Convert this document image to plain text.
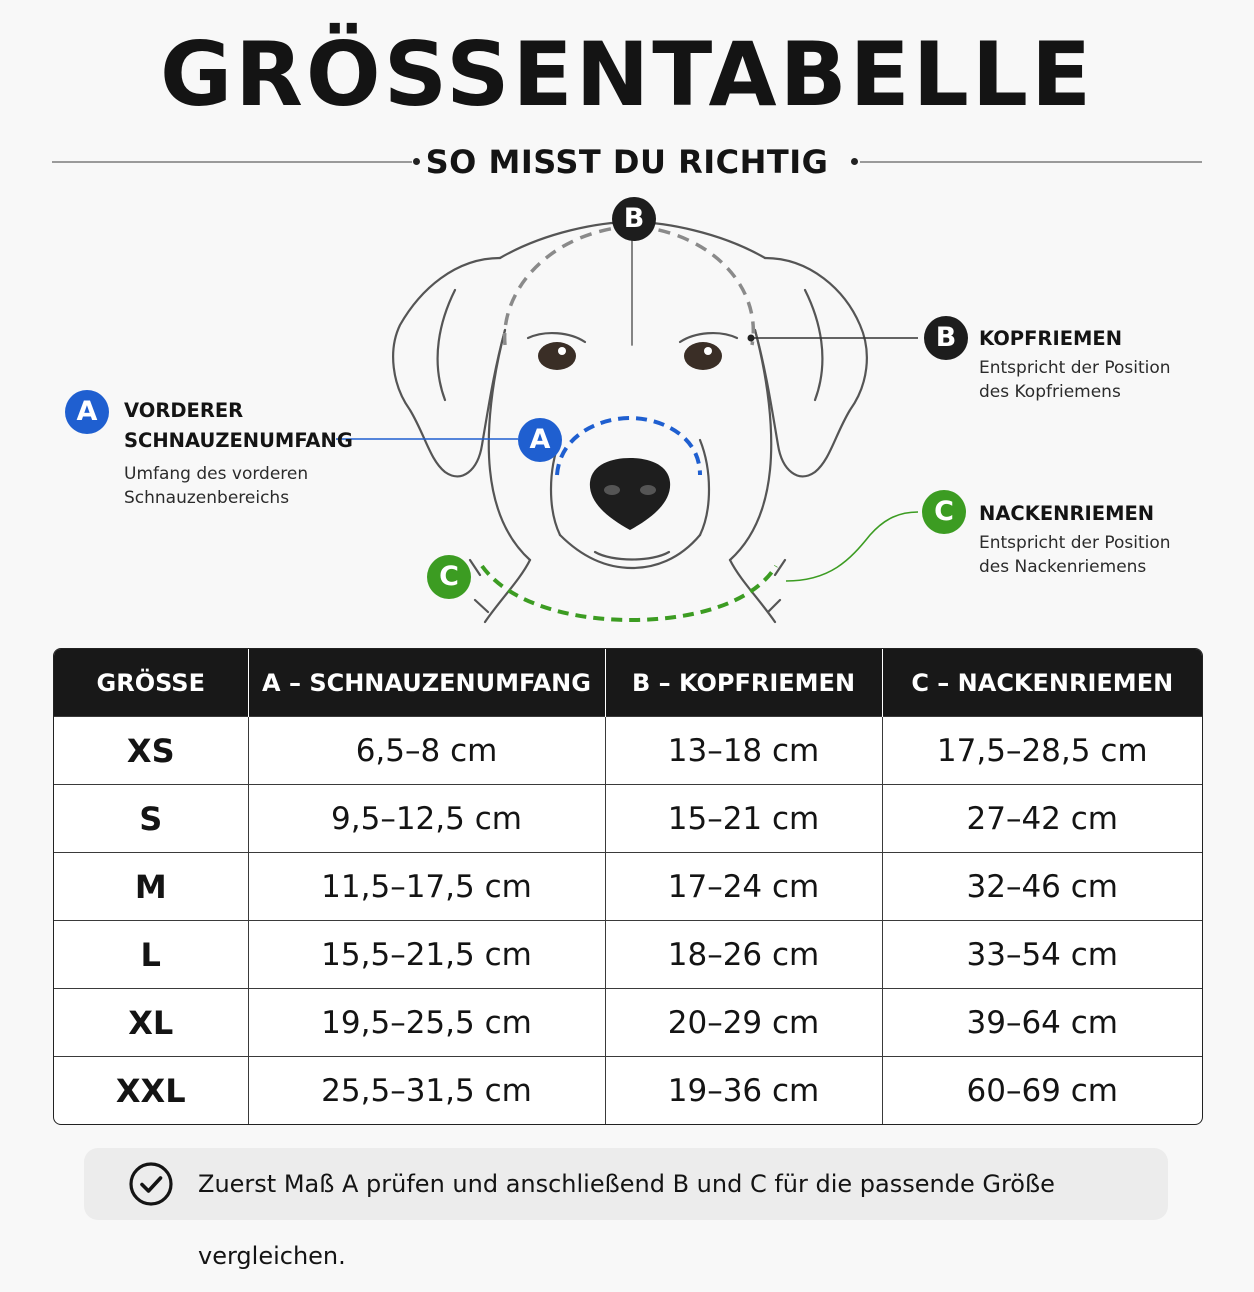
GRÖSSENTABELLE
SO MISST DU RICHTIG
B
A
C
A	VORDERER
SCHNAUZENUMFANG
Umfang des vorderen
Schnauzenbereichs
B	KOPFRIEMEN
Entspricht der Position
des Kopfriemens
C	NACKENRIEMEN
Entspricht der Position
des Nackenriemens
GRÖSSE	A – SCHNAUZENUMFANG	B – KOPFRIEMEN	C – NACKENRIEMEN
XS	6,5–8 cm	13–18 cm	17,5–28,5 cm
S	9,5–12,5 cm	15–21 cm	27–42 cm
M	11,5–17,5 cm	17–24 cm	32–46 cm
L	15,5–21,5 cm	18–26 cm	33–54 cm
XL	19,5–25,5 cm	20–29 cm	39–64 cm
XXL	25,5–31,5 cm	19–36 cm	60–69 cm
Zuerst Maß A prüfen und anschließend B und C für die passende Größe vergleichen.
